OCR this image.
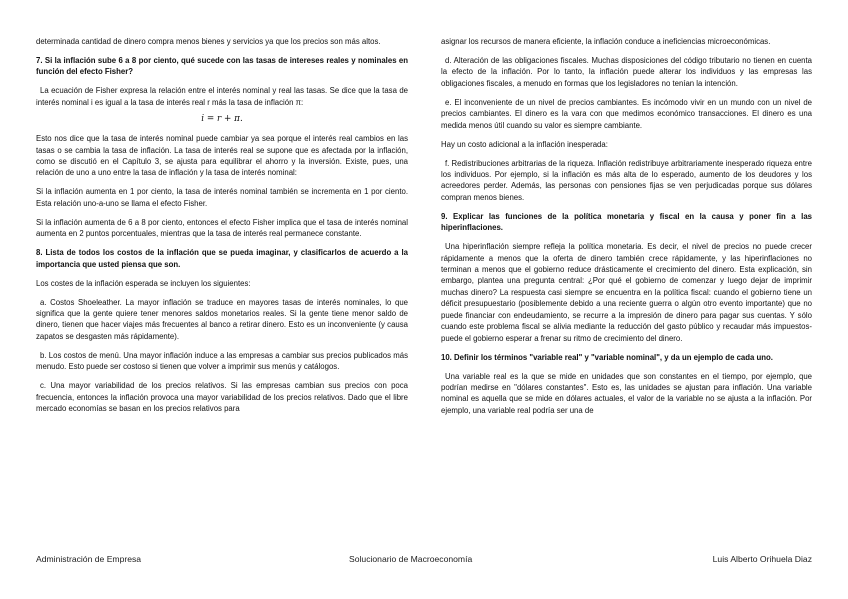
determinada cantidad de dinero compra menos bienes y servicios ya que los precios son más altos.

7. Si la inflación sube 6 a 8 por ciento, qué sucede con las tasas de intereses reales y nominales en función del efecto Fisher?

La ecuación de Fisher expresa la relación entre el interés nominal y real las tasas. Se dice que la tasa de interés nominal i es igual a la tasa de interés real r más la tasa de inflación π:

i = r + π.

Esto nos dice que la tasa de interés nominal puede cambiar ya sea porque el interés real cambios en las tasas o se cambia la tasa de inflación. La tasa de interés real se supone que es afectada por la inflación, como se discutió en el Capítulo 3, se ajusta para equilibrar el ahorro y la inversión. Existe, pues, una relación de uno a uno entre la tasa de inflación y la tasa de interés nominal:

Si la inflación aumenta en 1 por ciento, la tasa de interés nominal también se incrementa en 1 por ciento. Esta relación uno-a-uno se llama el efecto Fisher.

Si la inflación aumenta de 6 a 8 por ciento, entonces el efecto Fisher implica que el tasa de interés nominal aumenta en 2 puntos porcentuales, mientras que la tasa de interés real permanece constante.

8. Lista de todos los costos de la inflación que se pueda imaginar, y clasificarlos de acuerdo a la importancia que usted piensa que son.

Los costes de la inflación esperada se incluyen los siguientes:

a. Costos Shoeleather. La mayor inflación se traduce en mayores tasas de interés nominales, lo que significa que la gente quiere tener menores saldos monetarios reales. Si la gente tiene menor saldo de dinero, tienen que hacer viajes más frecuentes al banco a retirar dinero. Esto es un inconveniente (y causa zapatos se desgasten más rápidamente).

b. Los costos de menú. Una mayor inflación induce a las empresas a cambiar sus precios publicados más menudo. Esto puede ser costoso si tienen que volver a imprimir sus menús y catálogos.

c. Una mayor variabilidad de los precios relativos. Si las empresas cambian sus precios con poca frecuencia, entonces la inflación provoca una mayor variabilidad de los precios relativos. Dado que el libre mercado economías se basan en los precios relativos para

asignar los recursos de manera eficiente, la inflación conduce a ineficiencias microeconómicas.

d. Alteración de las obligaciones fiscales. Muchas disposiciones del código tributario no tienen en cuenta la efecto de la inflación. Por lo tanto, la inflación puede alterar los individuos y las empresas las obligaciones fiscales, a menudo en formas que los legisladores no tenían la intención.

e. El inconveniente de un nivel de precios cambiantes. Es incómodo vivir en un mundo con un nivel de precios cambiantes. El dinero es la vara con que medimos económico transacciones. El dinero es una medida menos útil cuando su valor es siempre cambiante.

Hay un costo adicional a la inflación inesperada:

f. Redistribuciones arbitrarias de la riqueza. Inflación redistribuye arbitrariamente inesperado riqueza entre los individuos. Por ejemplo, si la inflación es más alta de lo esperado, aumento de los deudores y los acreedores perder. Además, las personas con pensiones fijas se ven perjudicadas porque sus dólares compran menos bienes.

9. Explicar las funciones de la política monetaria y fiscal en la causa y poner fin a las hiperinflaciones.

Una hiperinflación siempre refleja la política monetaria. Es decir, el nivel de precios no puede crecer rápidamente a menos que la oferta de dinero también crece rápidamente, y las hiperinflaciones no terminan a menos que el gobierno reduce drásticamente el crecimiento del dinero. Esta explicación, sin embargo, plantea una pregunta central: ¿Por qué el gobierno de comenzar y luego dejar de imprimir muchas dinero? La respuesta casi siempre se encuentra en la política fiscal: cuando el gobierno tiene un déficit presupuestario (posiblemente debido a una reciente guerra o algún otro evento importante) que no puede financiar con endeudamiento, se recurre a la impresión de dinero para pagar sus cuentas. Y sólo cuando este problema fiscal se alivia mediante la reducción del gasto público y recaudar más impuestos-puede el gobierno esperar a frenar su ritmo de crecimiento del dinero.

10. Definir los términos "variable real" y "variable nominal", y da un ejemplo de cada uno.

Una variable real es la que se mide en unidades que son constantes en el tiempo, por ejemplo, que podrían medirse en "dólares constantes". Esto es, las unidades se ajustan para inflación. Una variable nominal es aquella que se mide en dólares actuales, el valor de la variable no se ajusta a la inflación. Por ejemplo, una variable real podría ser una de

Administración de Empresa	Solucionario de Macroeconomía	Luis Alberto Orihuela Diaz
